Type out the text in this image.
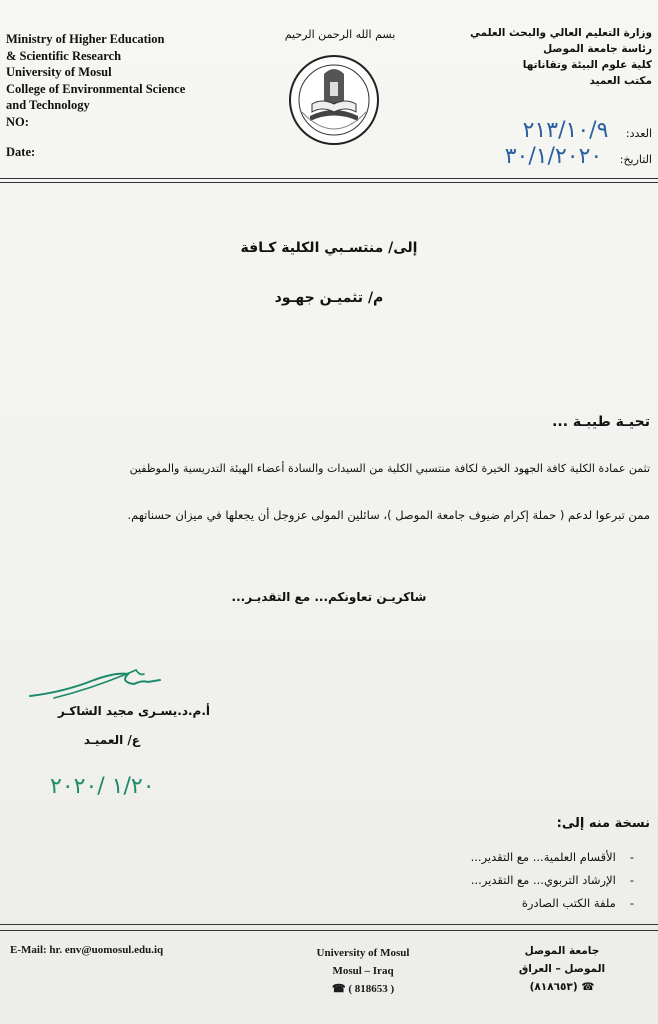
Ministry of Higher Education
& Scientific Research
University of Mosul
College of Environmental Science
and Technology
NO:
Date:
بسم الله الرحمن الرحيم	وزارة التعليم العالي والبحث العلمي
رئاسة جامعة الموصل
كلية علوم البيئة وتقاناتها
مكتب العميد
العدد: ٢١٣/١٠/٩
التاريخ: ٣٠/١/٢٠٢٠
إلى/ منتسـبي الكلية كـافة
م/ تثميـن جهـود
تحيـة طيبـة ...
تثمن عمادة الكلية كافة الجهود الخيرة لكافة منتسبي الكلية من السيدات والسادة أعضاء الهيئة التدريسية والموظفين
ممن تبرعوا لدعم ( حملة إكرام ضيوف جامعة الموصل )، سائلين المولى عزوجل أن يجعلها في ميزان حسناتهم.
شاكريـن تعاونكم... مع التقديـر...
أ.م.د.يسـرى مجيد الشاكـر
ع/ العميـد
١/٢٠ /٢٠٢٠
نسخة منه إلى:
-الأقسام العلمية... مع التقدير...
-الإرشاد التربوي... مع التقدير...
-ملفة الكتب الصادرة
E-Mail: hr. env@uomosul.edu.iq	University of Mosul
Mosul – Iraq
☎ ( 818653 )
جامعة الموصل
الموصل – العراق
☎ (٨١٨٦٥٣)
